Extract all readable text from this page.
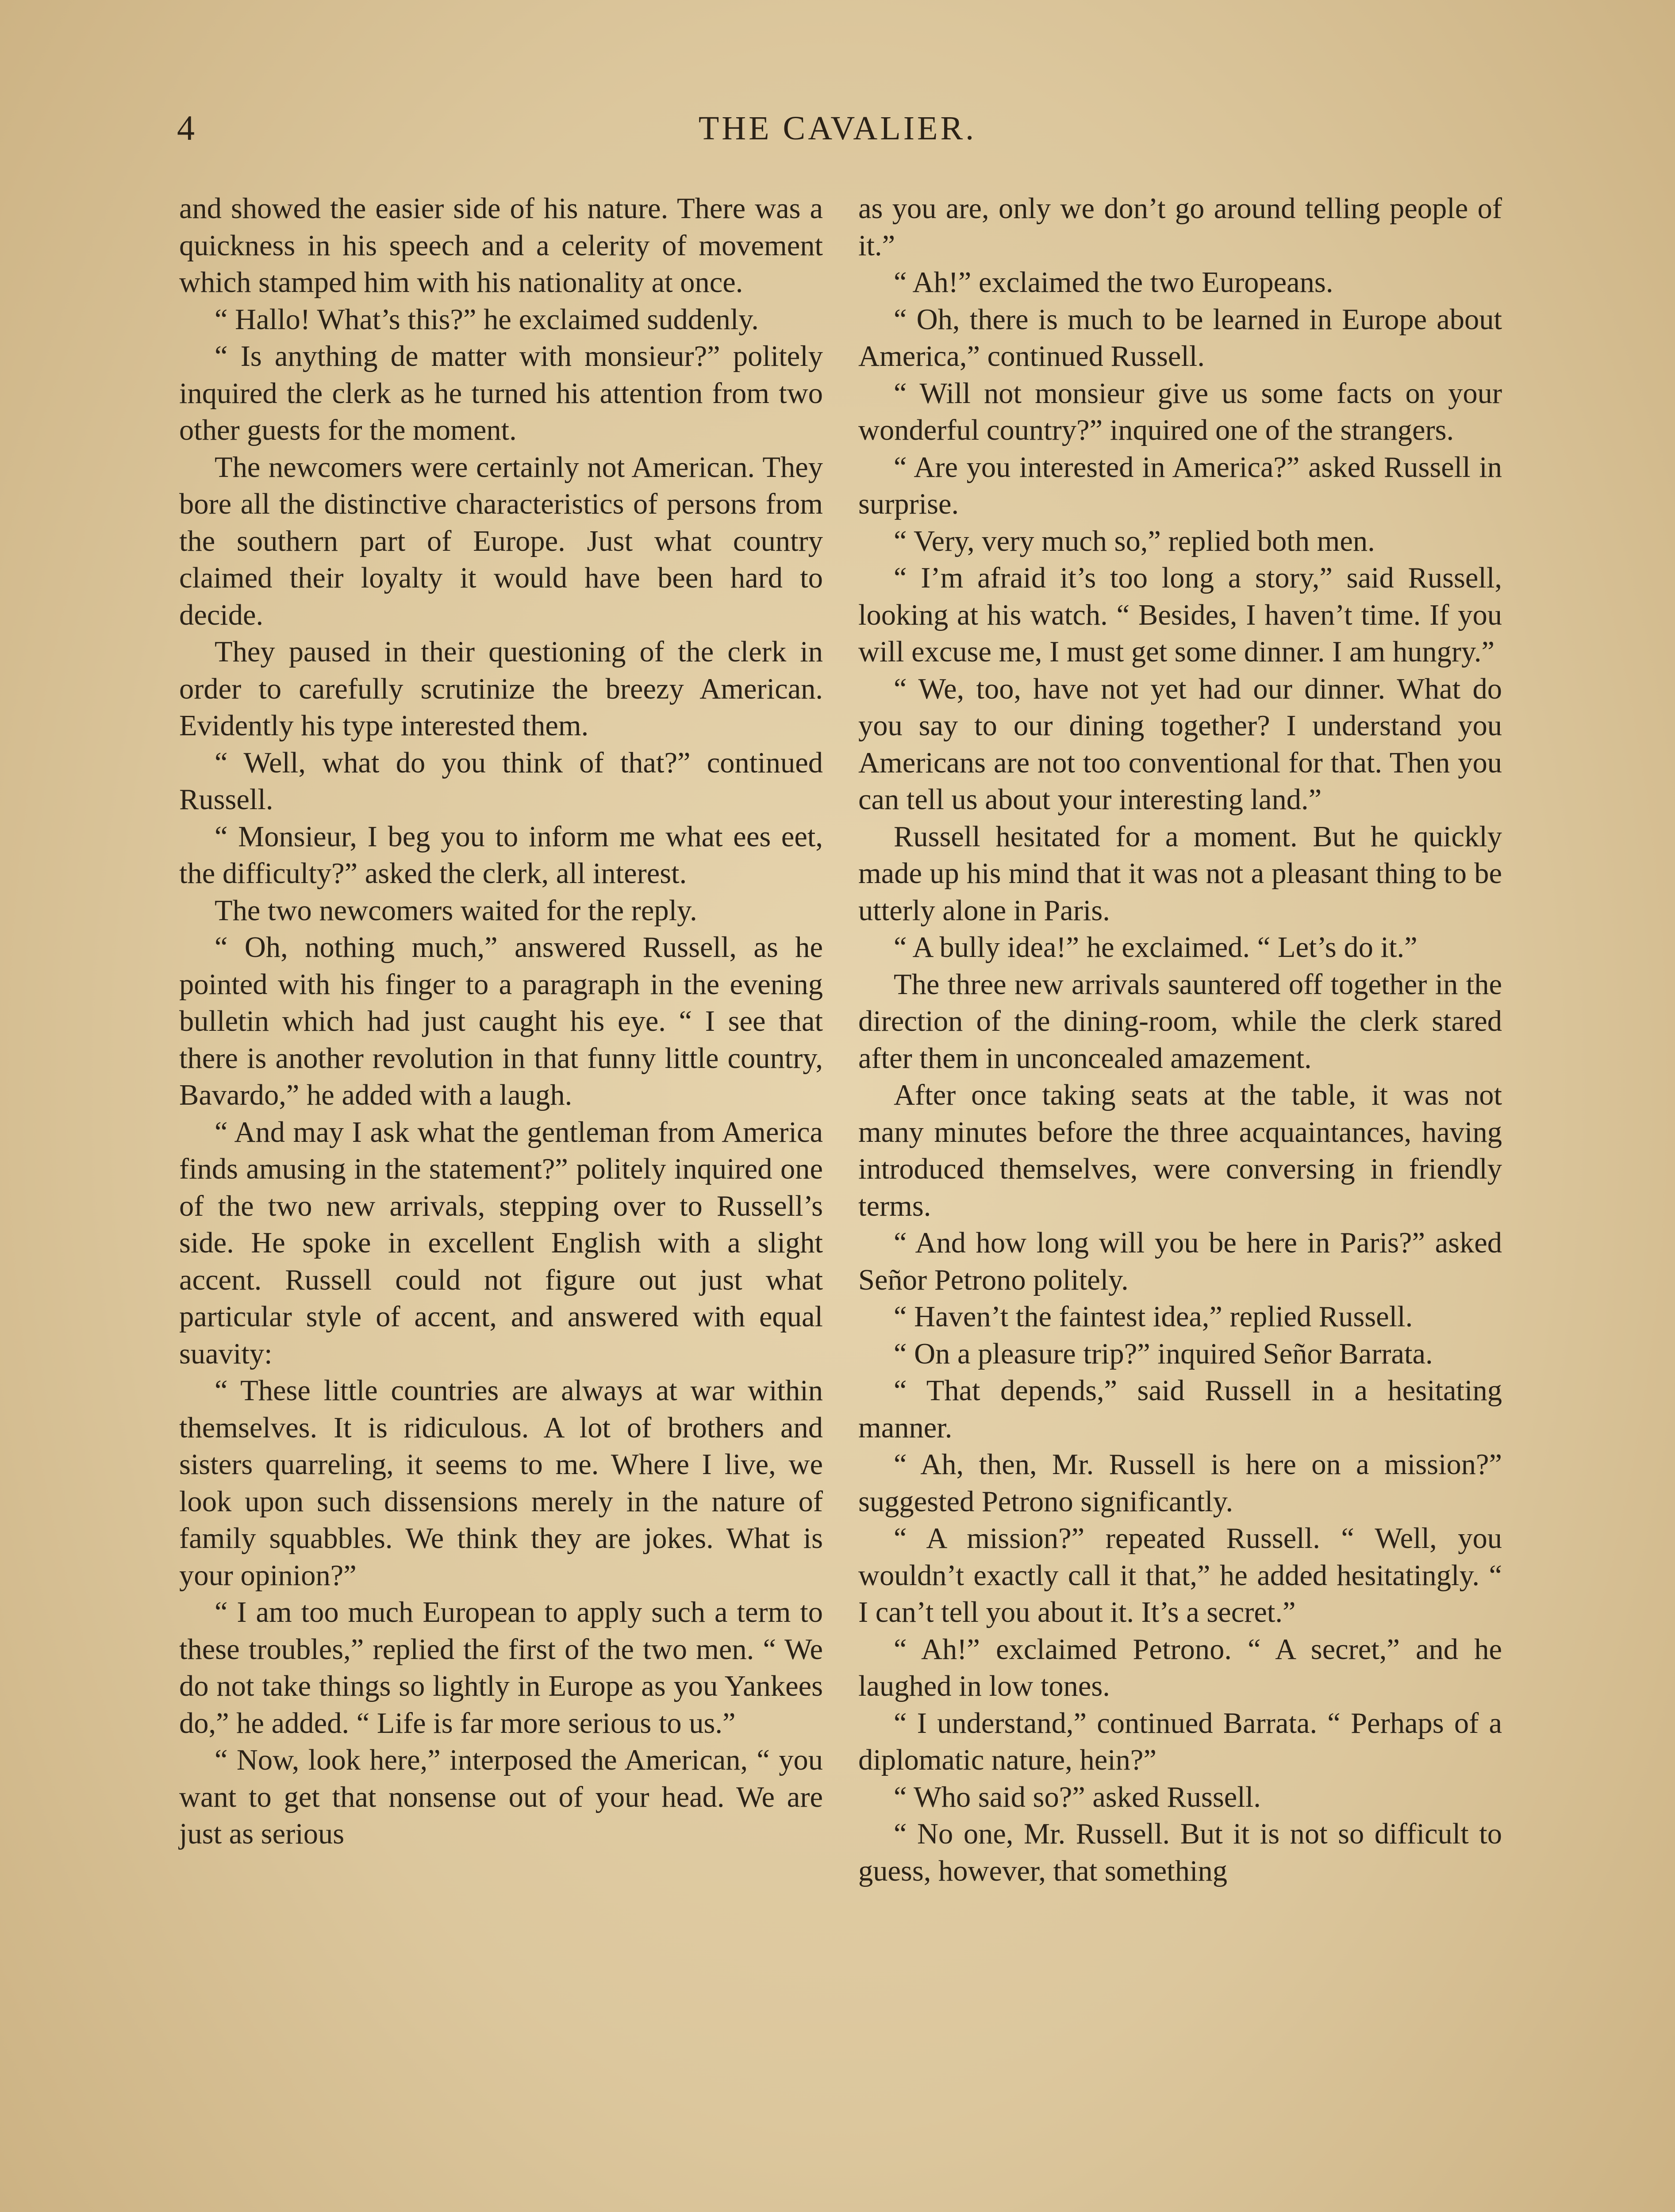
4	THE CAVALIER.

and showed the easier side of his nature. There was a quickness in his speech and a celerity of movement which stamped him with his nationality at once.

“ Hallo! What’s this?” he exclaimed suddenly.

“ Is anything de matter with monsieur?” politely inquired the clerk as he turned his attention from two other guests for the moment.

The newcomers were certainly not American. They bore all the distinctive characteristics of persons from the southern part of Europe. Just what country claimed their loyalty it would have been hard to decide.

They paused in their questioning of the clerk in order to carefully scrutinize the breezy American. Evidently his type interested them.

“ Well, what do you think of that?” continued Russell.

“ Monsieur, I beg you to inform me what ees eet, the difficulty?” asked the clerk, all interest.

The two newcomers waited for the reply.

“ Oh, nothing much,” answered Russell, as he pointed with his finger to a paragraph in the evening bulletin which had just caught his eye. “ I see that there is another revolution in that funny little country, Bavardo,” he added with a laugh.

“ And may I ask what the gentleman from America finds amusing in the statement?” politely inquired one of the two new arrivals, stepping over to Russell’s side. He spoke in excellent English with a slight accent. Russell could not figure out just what particular style of accent, and answered with equal suavity:

“ These little countries are always at war within themselves. It is ridiculous. A lot of brothers and sisters quarreling, it seems to me. Where I live, we look upon such dissensions merely in the nature of family squabbles. We think they are jokes. What is your opinion?”

“ I am too much European to apply such a term to these troubles,” replied the first of the two men. “ We do not take things so lightly in Europe as you Yankees do,” he added. “ Life is far more serious to us.”

“ Now, look here,” interposed the American, “ you want to get that nonsense out of your head. We are just as serious

as you are, only we don’t go around telling people of it.”

“ Ah!” exclaimed the two Europeans.

“ Oh, there is much to be learned in Europe about America,” continued Russell.

“ Will not monsieur give us some facts on your wonderful country?” inquired one of the strangers.

“ Are you interested in America?” asked Russell in surprise.

“ Very, very much so,” replied both men.

“ I’m afraid it’s too long a story,” said Russell, looking at his watch. “ Besides, I haven’t time. If you will excuse me, I must get some dinner. I am hungry.”

“ We, too, have not yet had our dinner. What do you say to our dining together? I understand you Americans are not too conventional for that. Then you can tell us about your interesting land.”

Russell hesitated for a moment. But he quickly made up his mind that it was not a pleasant thing to be utterly alone in Paris.

“ A bully idea!” he exclaimed. “ Let’s do it.”

The three new arrivals sauntered off together in the direction of the dining-room, while the clerk stared after them in unconcealed amazement.

After once taking seats at the table, it was not many minutes before the three acquaintances, having introduced themselves, were conversing in friendly terms.

“ And how long will you be here in Paris?” asked Señor Petrono politely.

“ Haven’t the faintest idea,” replied Russell.

“ On a pleasure trip?” inquired Señor Barrata.

“ That depends,” said Russell in a hesitating manner.

“ Ah, then, Mr. Russell is here on a mission?” suggested Petrono significantly.

“ A mission?” repeated Russell. “ Well, you wouldn’t exactly call it that,” he added hesitatingly. “ I can’t tell you about it. It’s a secret.”

“ Ah!” exclaimed Petrono. “ A secret,” and he laughed in low tones.

“ I understand,” continued Barrata. “ Perhaps of a diplomatic nature, hein?”

“ Who said so?” asked Russell.

“ No one, Mr. Russell. But it is not so difficult to guess, however, that something
